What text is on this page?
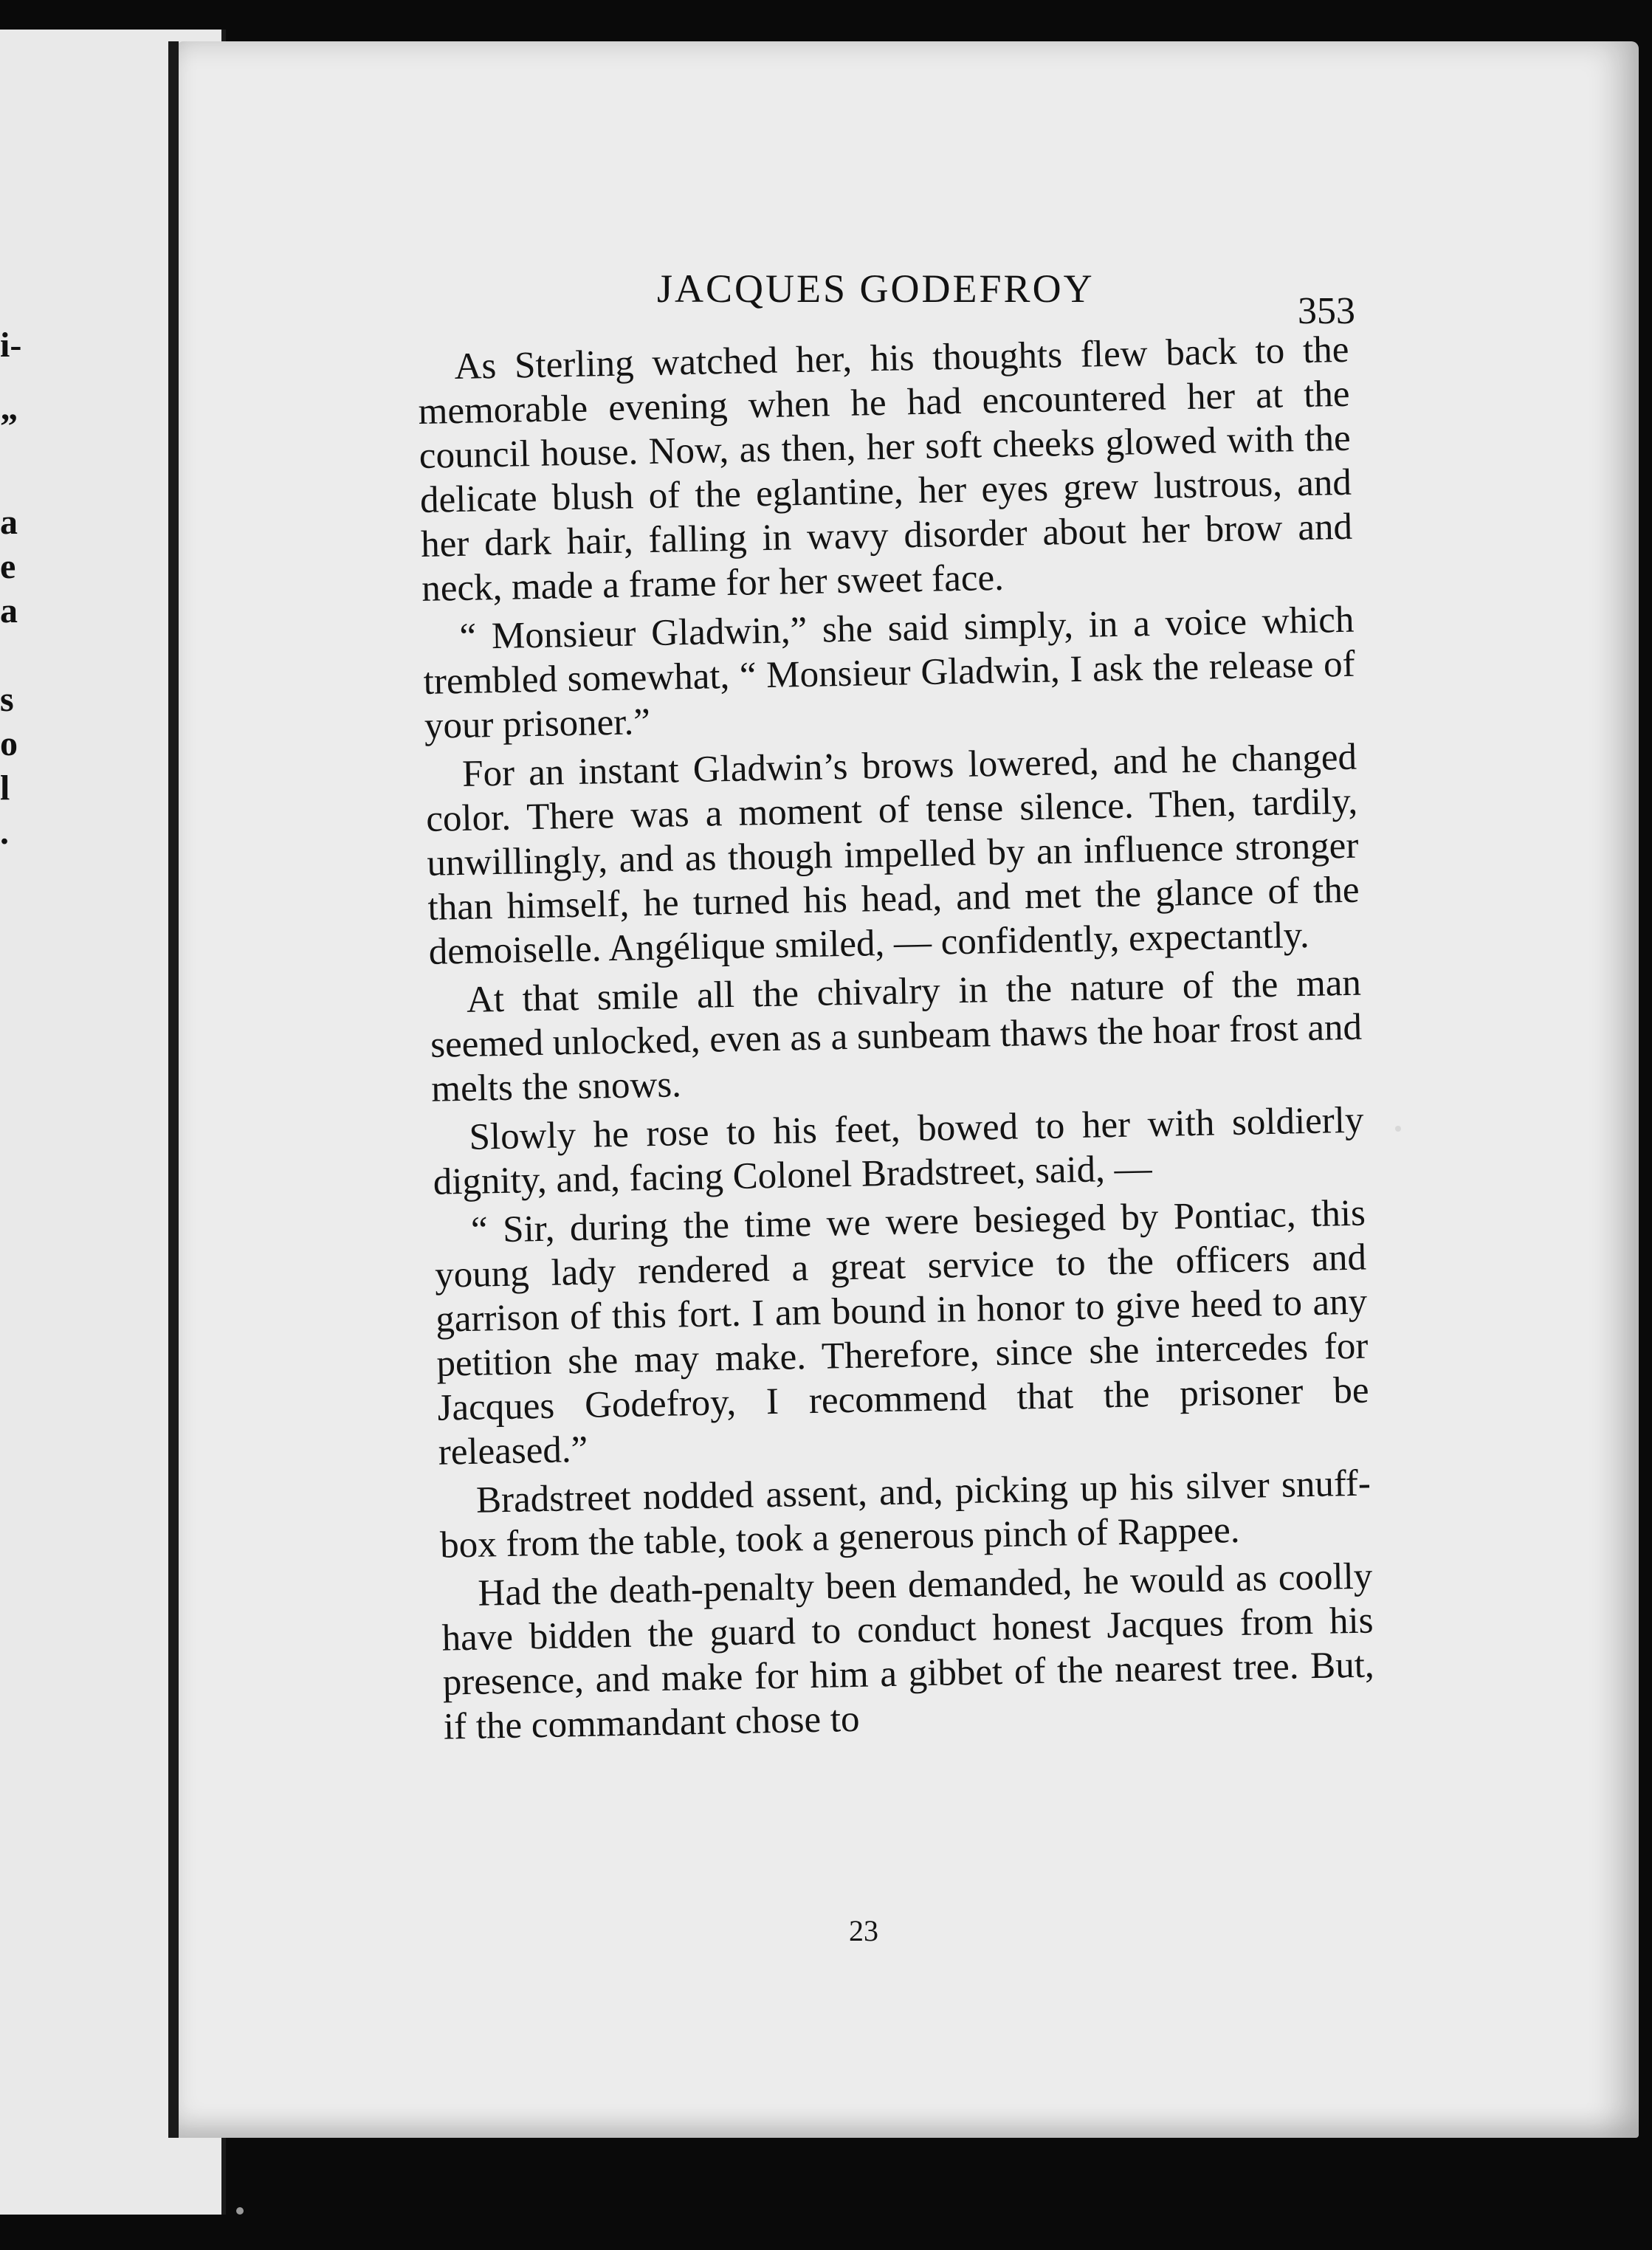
i-
”
a
e
a
s
o
l
.
JACQUES GODEFROY
353

As Sterling watched her, his thoughts flew back to the memorable evening when he had encountered her at the council house. Now, as then, her soft cheeks glowed with the delicate blush of the eglantine, her eyes grew lustrous, and her dark hair, falling in wavy disorder about her brow and neck, made a frame for her sweet face.

“ Monsieur Gladwin,” she said simply, in a voice which trembled somewhat, “ Monsieur Gladwin, I ask the release of your prisoner.”

For an instant Gladwin’s brows lowered, and he changed color. There was a moment of tense silence. Then, tardily, unwillingly, and as though impelled by an influence stronger than himself, he turned his head, and met the glance of the demoiselle. Angélique smiled, — confidently, expectantly.

At that smile all the chivalry in the nature of the man seemed unlocked, even as a sunbeam thaws the hoar frost and melts the snows.

Slowly he rose to his feet, bowed to her with soldierly dignity, and, facing Colonel Bradstreet, said, —

“ Sir, during the time we were besieged by Pontiac, this young lady rendered a great service to the officers and garrison of this fort. I am bound in honor to give heed to any petition she may make. Therefore, since she intercedes for Jacques Godefroy, I recommend that the prisoner be released.”

Bradstreet nodded assent, and, picking up his silver snuff-box from the table, took a generous pinch of Rappee.

Had the death-penalty been demanded, he would as coolly have bidden the guard to conduct honest Jacques from his presence, and make for him a gibbet of the nearest tree. But, if the commandant chose to

23
